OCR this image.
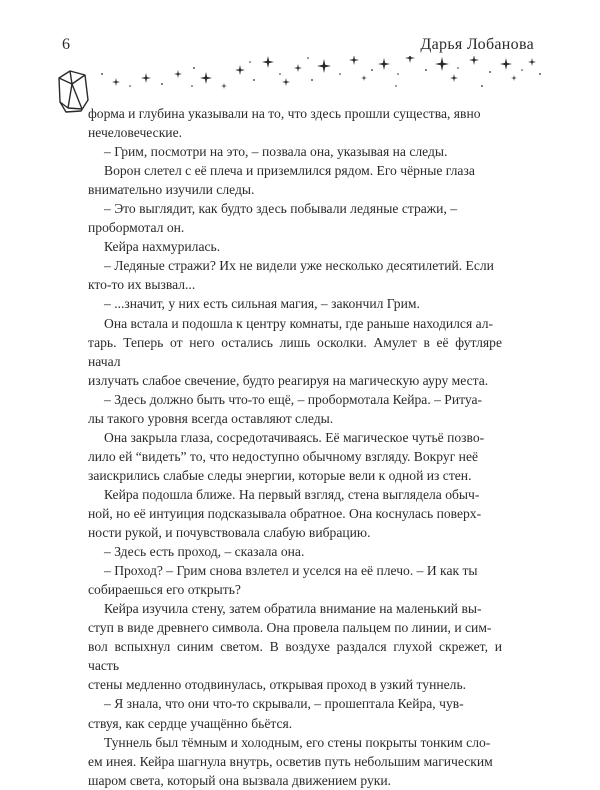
6	Дарья Лобанова

форма и глубина указывали на то, что здесь прошли существа, явно
нечеловеческие.

– Грим, посмотри на это, – позвала она, указывая на следы.

Ворон слетел с её плеча и приземлился рядом. Его чёрные глаза
внимательно изучили следы.

– Это выглядит, как будто здесь побывали ледяные стражи, –
пробормотал он.

Кейра нахмурилась.

– Ледяные стражи? Их не видели уже несколько десятилетий. Если
кто-то их вызвал...

– ...значит, у них есть сильная магия, – закончил Грим.

Она встала и подошла к центру комнаты, где раньше находился ал-
тарь. Теперь от него остались лишь осколки. Амулет в её футляре начал
излучать слабое свечение, будто реагируя на магическую ауру места.

– Здесь должно быть что-то ещё, – пробормотала Кейра. – Ритуа-
лы такого уровня всегда оставляют следы.

Она закрыла глаза, сосредотачиваясь. Её магическое чутьё позво-
лило ей “видеть” то, что недоступно обычному взгляду. Вокруг неё
заискрились слабые следы энергии, которые вели к одной из стен.

Кейра подошла ближе. На первый взгляд, стена выглядела обыч-
ной, но её интуиция подсказывала обратное. Она коснулась поверх-
ности рукой, и почувствовала слабую вибрацию.

– Здесь есть проход, – сказала она.

– Проход? – Грим снова взлетел и уселся на её плечо. – И как ты
собираешься его открыть?

Кейра изучила стену, затем обратила внимание на маленький вы-
ступ в виде древнего символа. Она провела пальцем по линии, и сим-
вол вспыхнул синим светом. В воздухе раздался глухой скрежет, и часть
стены медленно отодвинулась, открывая проход в узкий туннель.

– Я знала, что они что-то скрывали, – прошептала Кейра, чув-
ствуя, как сердце учащённо бьётся.

Туннель был тёмным и холодным, его стены покрыты тонким сло-
ем инея. Кейра шагнула внутрь, осветив путь небольшим магическим
шаром света, который она вызвала движением руки.
